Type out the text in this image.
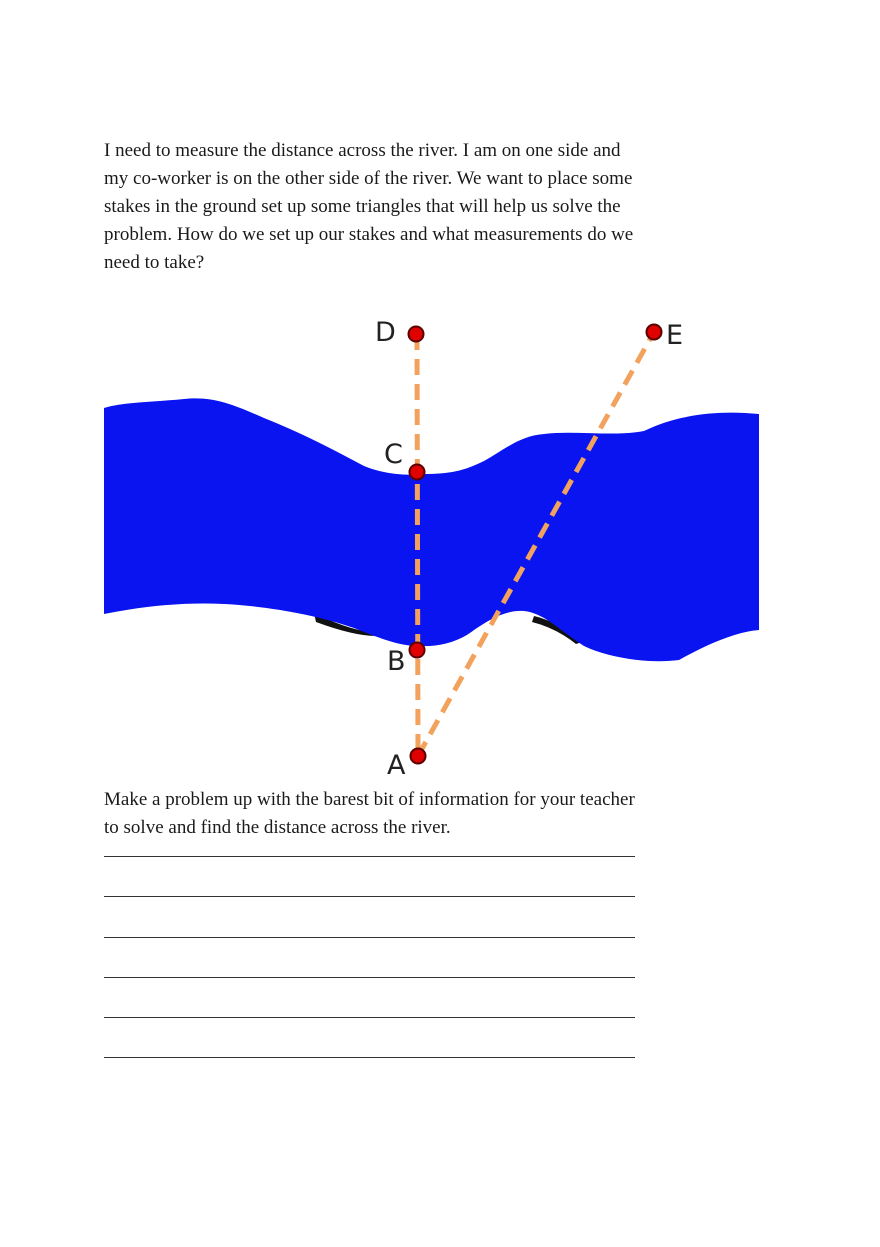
I need to measure the distance across the river. I am on one side and
my co-worker is on the other side of the river. We want to place some
stakes in the ground set up some triangles that will help us solve the
problem. How do we set up our stakes and what measurements do we
need to take?

D	E
C
B
A

Make a problem up with the barest bit of information for your teacher
to solve and find the distance across the river.
